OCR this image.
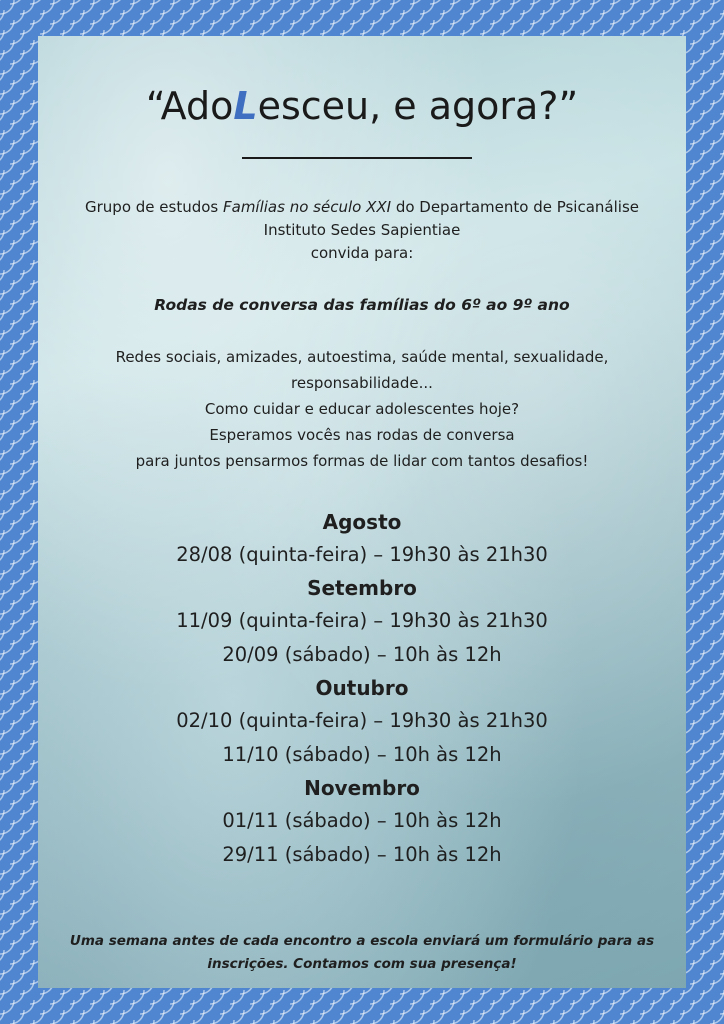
“AdoLesceu, e agora?”
Grupo de estudos Famílias no século XXI do Departamento de Psicanálise
Instituto Sedes Sapientiae
convida para:
Rodas de conversa das famílias do 6º ao 9º ano
Redes sociais, amizades, autoestima, saúde mental, sexualidade,
responsabilidade...
Como cuidar e educar adolescentes hoje?
Esperamos vocês nas rodas de conversa
para juntos pensarmos formas de lidar com tantos desafios!
Agosto
28/08 (quinta-feira) – 19h30 às 21h30
Setembro
11/09 (quinta-feira) – 19h30 às 21h30
20/09 (sábado) – 10h às 12h
Outubro
02/10 (quinta-feira) – 19h30 às 21h30
11/10 (sábado) – 10h às 12h
Novembro
01/11 (sábado) – 10h às 12h
29/11 (sábado) – 10h às 12h
Uma semana antes de cada encontro a escola enviará um formulário para as
inscrições. Contamos com sua presença!
